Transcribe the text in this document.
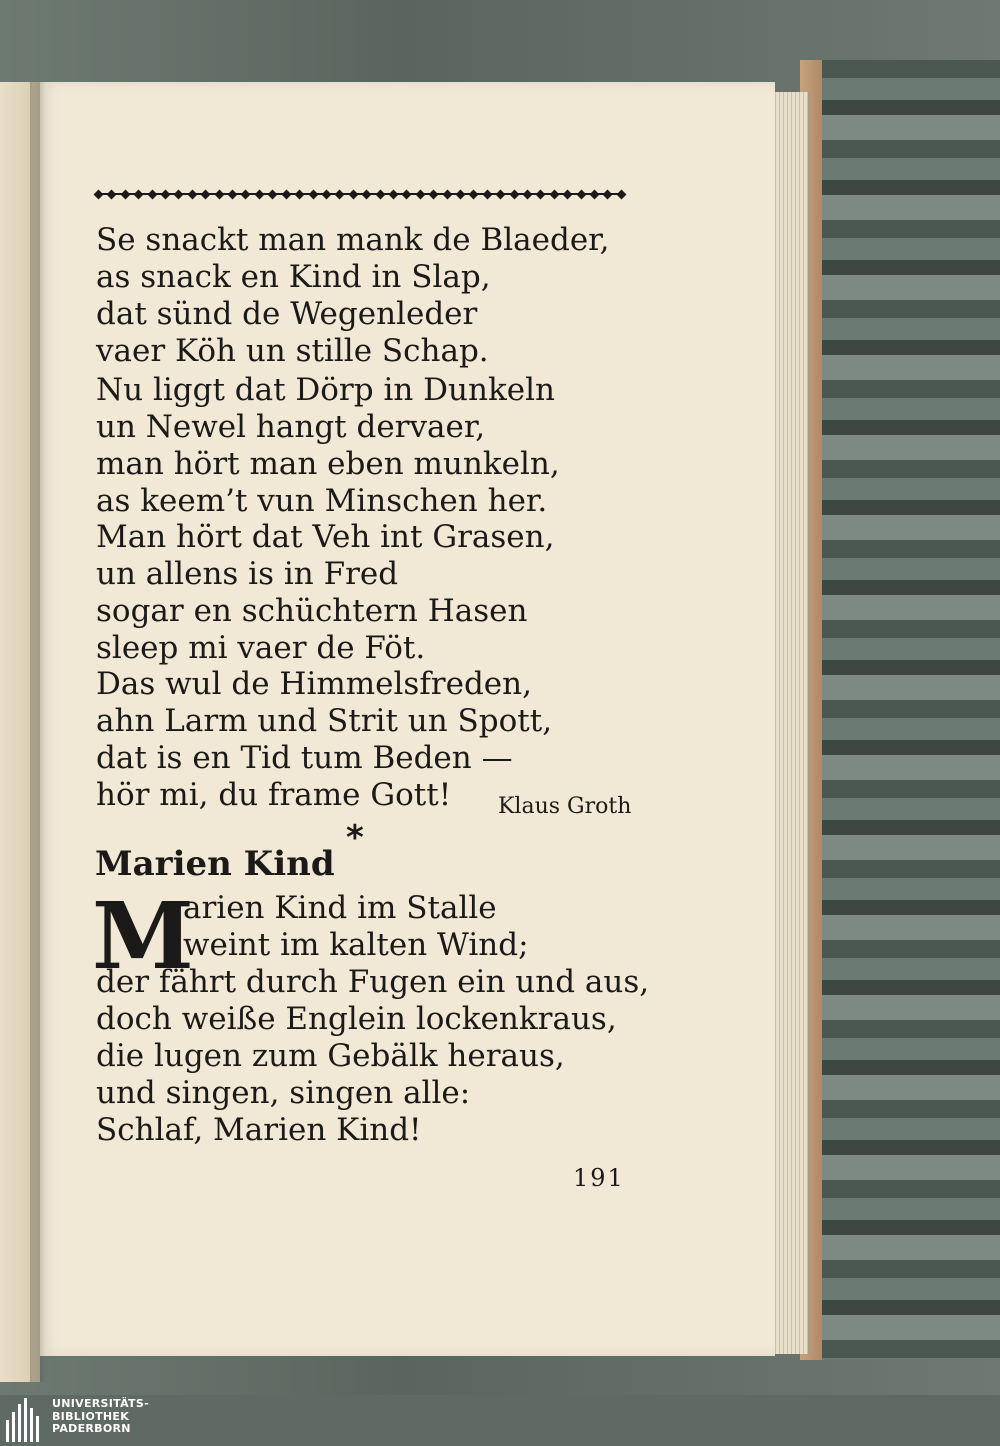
Se snackt man mank de Blaeder,
as snack en Kind in Slap,
dat sünd de Wegenleder
vaer Köh un stille Schap.
Nu liggt dat Dörp in Dunkeln
un Newel hangt dervaer,
man hört man eben munkeln,
as keem’t vun Minschen her.
Man hört dat Veh int Grasen,
un allens is in Fred
sogar en schüchtern Hasen
sleep mi vaer de Föt.
Das wul de Himmelsfreden,
ahn Larm und Strit un Spott,
dat is en Tid tum Beden —
hör mi, du frame Gott!	Klaus Groth
*
Marien Kind
M
arien Kind im Stalle
weint im kalten Wind;
der fährt durch Fugen ein und aus,
doch weiße Englein lockenkraus,
die lugen zum Gebälk heraus,
und singen, singen alle:
Schlaf, Marien Kind!
191
UNIVERSITÄTS-
BIBLIOTHEK
PADERBORN
